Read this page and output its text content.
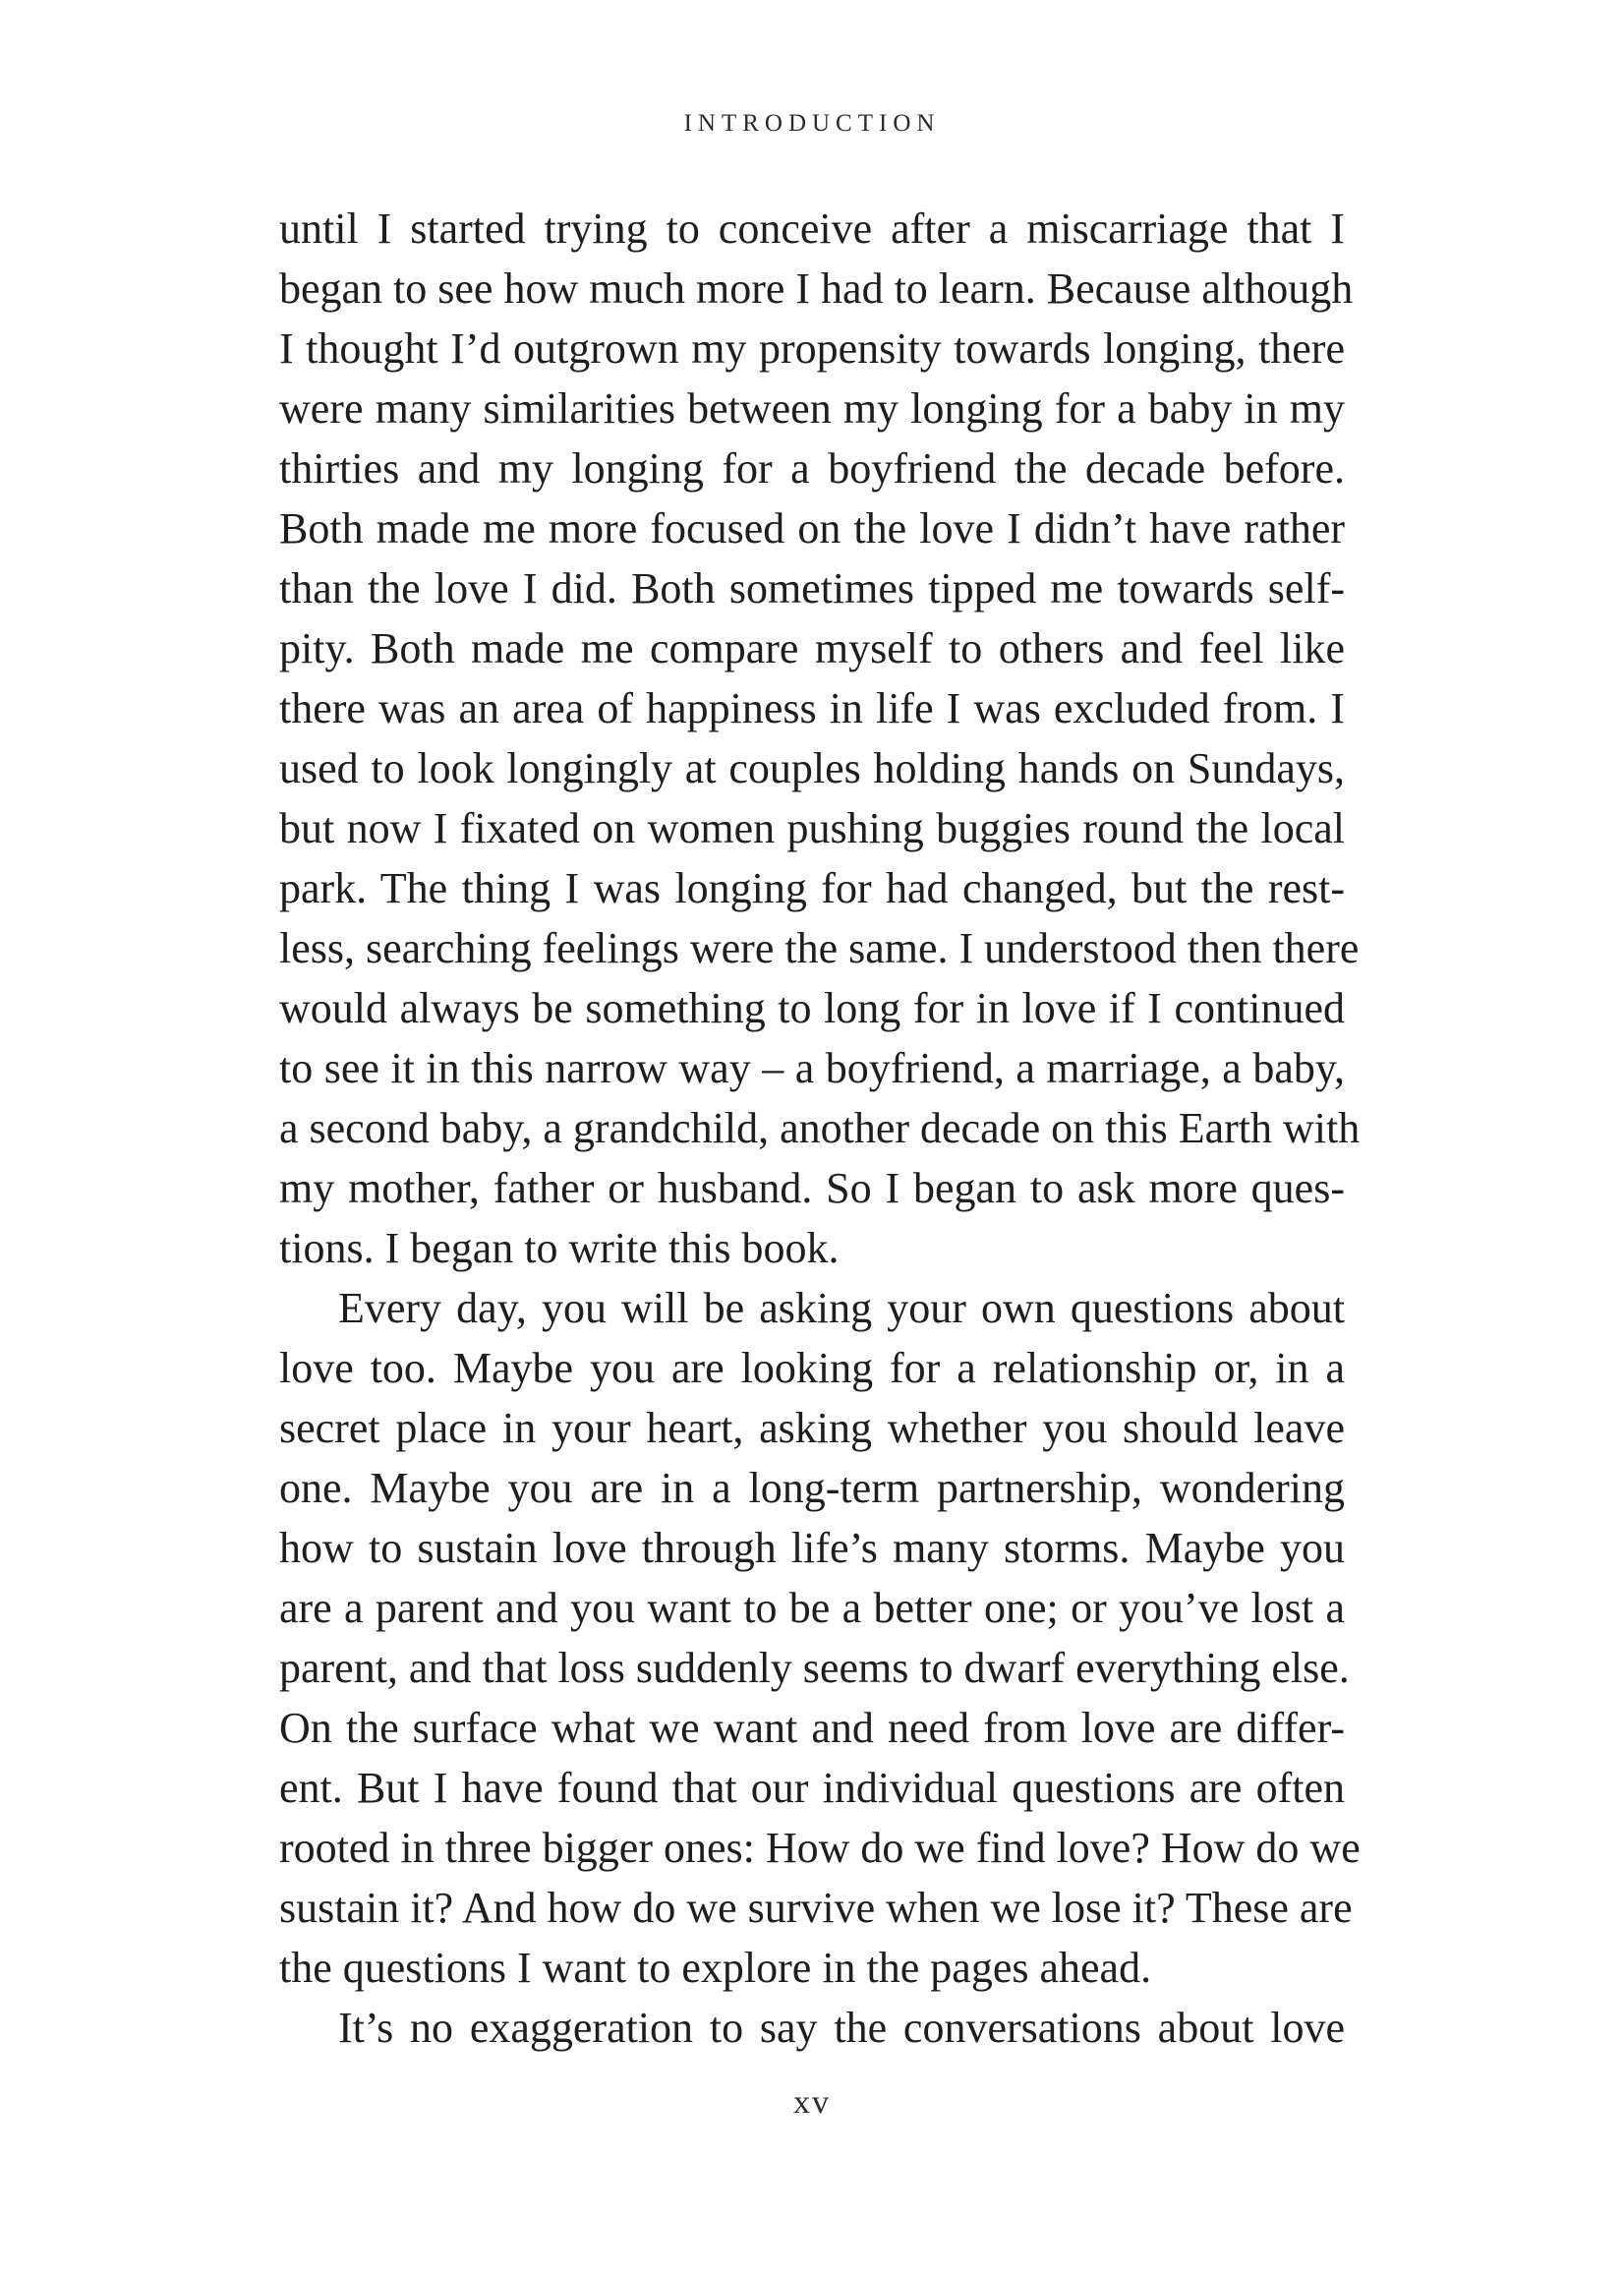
INTRODUCTION
until I started trying to conceive after a miscarriage that I
began to see how much more I had to learn. Because although
I thought I’d outgrown my propensity towards longing, there
were many similarities between my longing for a baby in my
thirties and my longing for a boyfriend the decade before.
Both made me more focused on the love I didn’t have rather
than the love I did. Both sometimes tipped me towards self-
pity. Both made me compare myself to others and feel like
there was an area of happiness in life I was excluded from. I
used to look longingly at couples holding hands on Sundays,
but now I fixated on women pushing buggies round the local
park. The thing I was longing for had changed, but the rest-
less, searching feelings were the same. I understood then there
would always be something to long for in love if I continued
to see it in this narrow way – a boyfriend, a marriage, a baby,
a second baby, a grandchild, another decade on this Earth with
my mother, father or husband. So I began to ask more ques-
tions. I began to write this book.
Every day, you will be asking your own questions about
love too. Maybe you are looking for a relationship or, in a
secret place in your heart, asking whether you should leave
one. Maybe you are in a long-term partnership, wondering
how to sustain love through life’s many storms. Maybe you
are a parent and you want to be a better one; or you’ve lost a
parent, and that loss suddenly seems to dwarf everything else.
On the surface what we want and need from love are differ-
ent. But I have found that our individual questions are often
rooted in three bigger ones: How do we find love? How do we
sustain it? And how do we survive when we lose it? These are
the questions I want to explore in the pages ahead.
It’s no exaggeration to say the conversations about love
xv
